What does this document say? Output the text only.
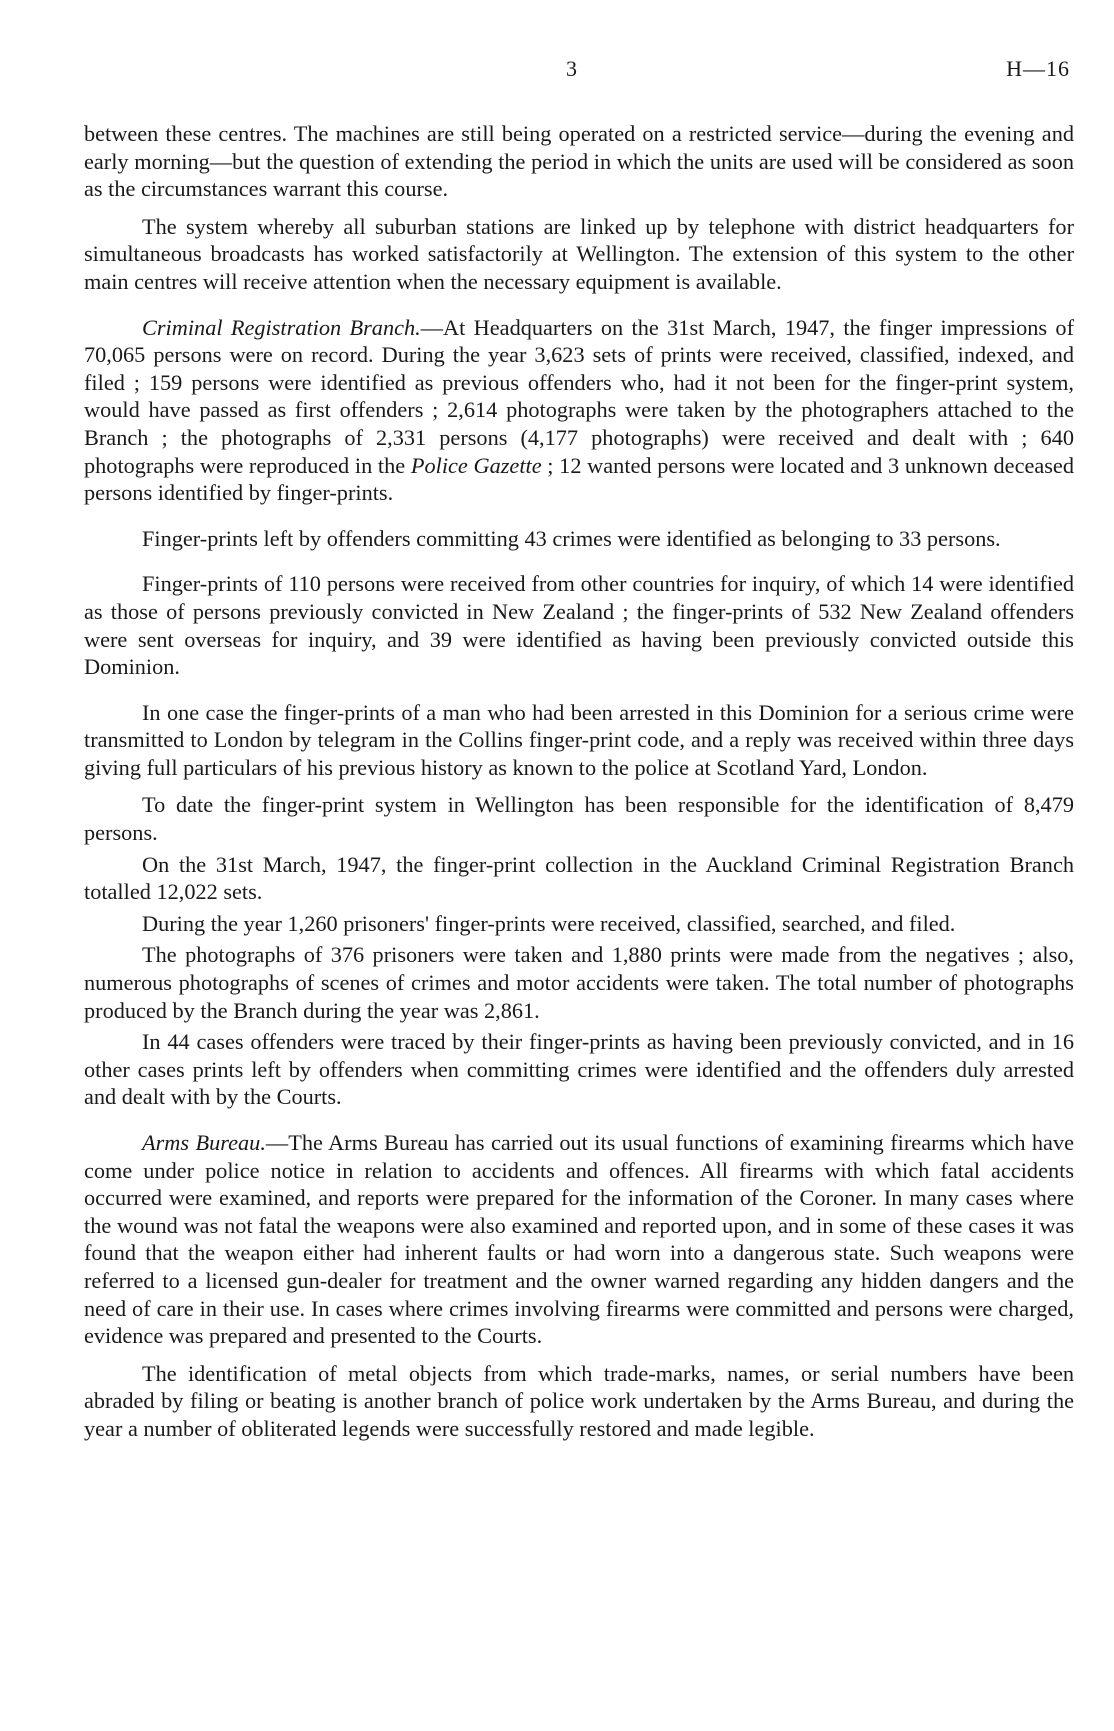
3	H—16

between these centres. The machines are still being operated on a restricted service—during the evening and early morning—but the question of extending the period in which the units are used will be considered as soon as the circumstances warrant this course.

The system whereby all suburban stations are linked up by telephone with district headquarters for simultaneous broadcasts has worked satisfactorily at Wellington. The extension of this system to the other main centres will receive attention when the necessary equipment is available.

Criminal Registration Branch.—At Headquarters on the 31st March, 1947, the finger impressions of 70,065 persons were on record. During the year 3,623 sets of prints were received, classified, indexed, and filed ; 159 persons were identified as previous offenders who, had it not been for the finger-print system, would have passed as first offenders ; 2,614 photographs were taken by the photographers attached to the Branch ; the photographs of 2,331 persons (4,177 photographs) were received and dealt with ; 640 photographs were reproduced in the Police Gazette ; 12 wanted persons were located and 3 unknown deceased persons identified by finger-prints.

Finger-prints left by offenders committing 43 crimes were identified as belonging to 33 persons.

Finger-prints of 110 persons were received from other countries for inquiry, of which 14 were identified as those of persons previously convicted in New Zealand ; the finger-prints of 532 New Zealand offenders were sent overseas for inquiry, and 39 were identified as having been previously convicted outside this Dominion.

In one case the finger-prints of a man who had been arrested in this Dominion for a serious crime were transmitted to London by telegram in the Collins finger-print code, and a reply was received within three days giving full particulars of his previous history as known to the police at Scotland Yard, London.

To date the finger-print system in Wellington has been responsible for the identification of 8,479 persons.

On the 31st March, 1947, the finger-print collection in the Auckland Criminal Registration Branch totalled 12,022 sets.

During the year 1,260 prisoners' finger-prints were received, classified, searched, and filed.

The photographs of 376 prisoners were taken and 1,880 prints were made from the negatives ; also, numerous photographs of scenes of crimes and motor accidents were taken. The total number of photographs produced by the Branch during the year was 2,861.

In 44 cases offenders were traced by their finger-prints as having been previously convicted, and in 16 other cases prints left by offenders when committing crimes were identified and the offenders duly arrested and dealt with by the Courts.

Arms Bureau.—The Arms Bureau has carried out its usual functions of examining firearms which have come under police notice in relation to accidents and offences. All firearms with which fatal accidents occurred were examined, and reports were prepared for the information of the Coroner. In many cases where the wound was not fatal the weapons were also examined and reported upon, and in some of these cases it was found that the weapon either had inherent faults or had worn into a dangerous state. Such weapons were referred to a licensed gun-dealer for treatment and the owner warned regarding any hidden dangers and the need of care in their use. In cases where crimes involving firearms were committed and persons were charged, evidence was prepared and presented to the Courts.

The identification of metal objects from which trade-marks, names, or serial numbers have been abraded by filing or beating is another branch of police work undertaken by the Arms Bureau, and during the year a number of obliterated legends were successfully restored and made legible.
